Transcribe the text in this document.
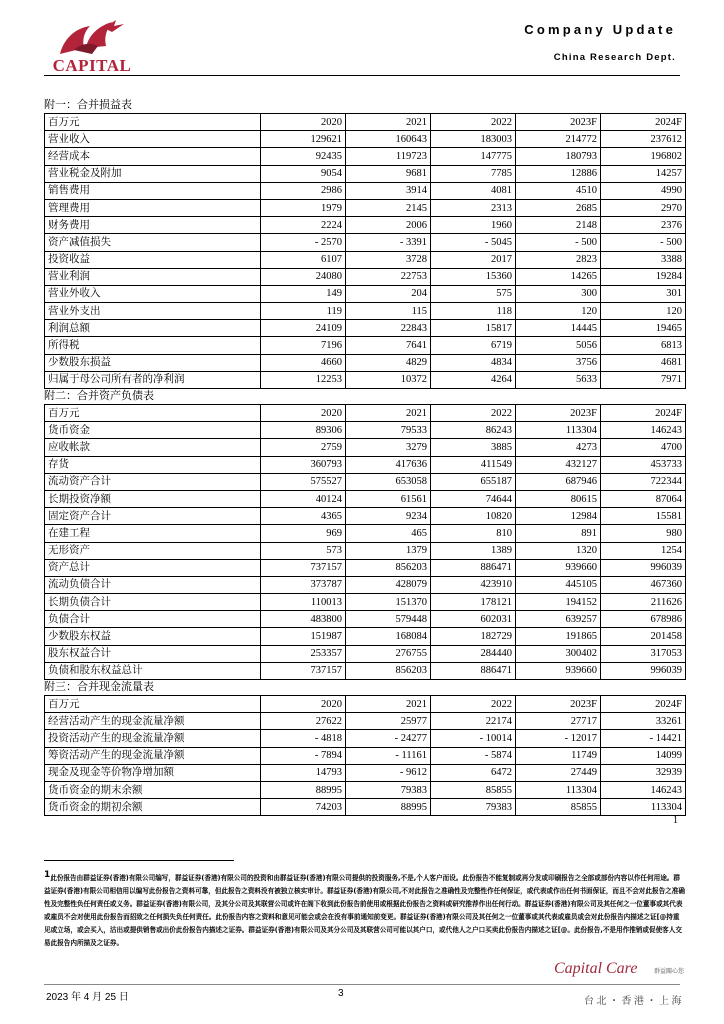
CAPITAL
Company Update
China Research Dept.
附一：合并损益表
百万元	2020	2021	2022	2023F	2024F
营业收入	129621	160643	183003	214772	237612
经营成本	92435	119723	147775	180793	196802
营业税金及附加	9054	9681	7785	12886	14257
销售费用	2986	3914	4081	4510	4990
管理费用	1979	2145	2313	2685	2970
财务费用	2224	2006	1960	2148	2376
资产减值损失	- 2570	- 3391	- 5045	- 500	- 500
投资收益	6107	3728	2017	2823	3388
营业利润	24080	22753	15360	14265	19284
营业外收入	149	204	575	300	301
营业外支出	119	115	118	120	120
利润总额	24109	22843	15817	14445	19465
所得税	7196	7641	6719	5056	6813
少数股东损益	4660	4829	4834	3756	4681
归属于母公司所有者的净利润	12253	10372	4264	5633	7971
附二：合并资产负债表
百万元	2020	2021	2022	2023F	2024F
货币资金	89306	79533	86243	113304	146243
应收帐款	2759	3279	3885	4273	4700
存货	360793	417636	411549	432127	453733
流动资产合计	575527	653058	655187	687946	722344
长期投资净额	40124	61561	74644	80615	87064
固定资产合计	4365	9234	10820	12984	15581
在建工程	969	465	810	891	980
无形资产	573	1379	1389	1320	1254
资产总计	737157	856203	886471	939660	996039
流动负债合计	373787	428079	423910	445105	467360
长期负债合计	110013	151370	178121	194152	211626
负债合计	483800	579448	602031	639257	678986
少数股东权益	151987	168084	182729	191865	201458
股东权益合计	253357	276755	284440	300402	317053
负债和股东权益总计	737157	856203	886471	939660	996039
附三：合并现金流量表
百万元	2020	2021	2022	2023F	2024F
经营活动产生的现金流量净额	27622	25977	22174	27717	33261
投资活动产生的现金流量净额	- 4818	- 24277	- 10014	- 12017	- 14421
筹资活动产生的现金流量净额	- 7894	- 11161	- 5874	11749	14099
现金及现金等价物净增加额	14793	- 9612	6472	27449	32939
货币资金的期末余额	88995	79383	85855	113304	146243
货币资金的期初余额	74203	88995	79383	85855	113304
1
$^1$此份报告由群益证券(香港)有限公司编写，群益证券(香港)有限公司的投资和由群益证券(香港)有限公司提供的投资服务,不是,个人客户而设。此份报告不能复制或再分发或印刷报告之全部或部份内容以作任何用途。群益证券(香港)有限公司相信用以编写此份报告之资料可靠，但此报告之资料没有被独立核实审计。群益证券(香港)有限公司,不对此报告之准确性及完整性作任何保证，或代表或作出任何书面保证，而且不会对此报告之准确性及完整性负任何责任或义务。群益证券(香港)有限公司，及其分公司及其联营公司或许在阁下收到此份报告前使用或根据此份报告之资料或研究推荐作出任何行动。群益证券(香港)有限公司及其任何之一位董事或其代表或雇员不会对使用此份报告而招致之任何损失负任何责任。此份报告内容之资料和意见可能会或会在没有事前通知前变更。群益证券(香港)有限公司及其任何之一位董事或其代表或雇员或会对此份报告内描述之证[@持重见或立场，或会买入，沽出或提供销售或出价此份报告内描述之证券。群益证券(香港)有限公司及其分公司及其联营公司可能以其户口，或代他人之户口买卖此份报告内描述之证[@。此份报告,不是用作推销或促使客人交易此报告内所描及之证券。
Capital Care	群益關心您
2023 年 4 月 25 日	3
台北・香港・上海
